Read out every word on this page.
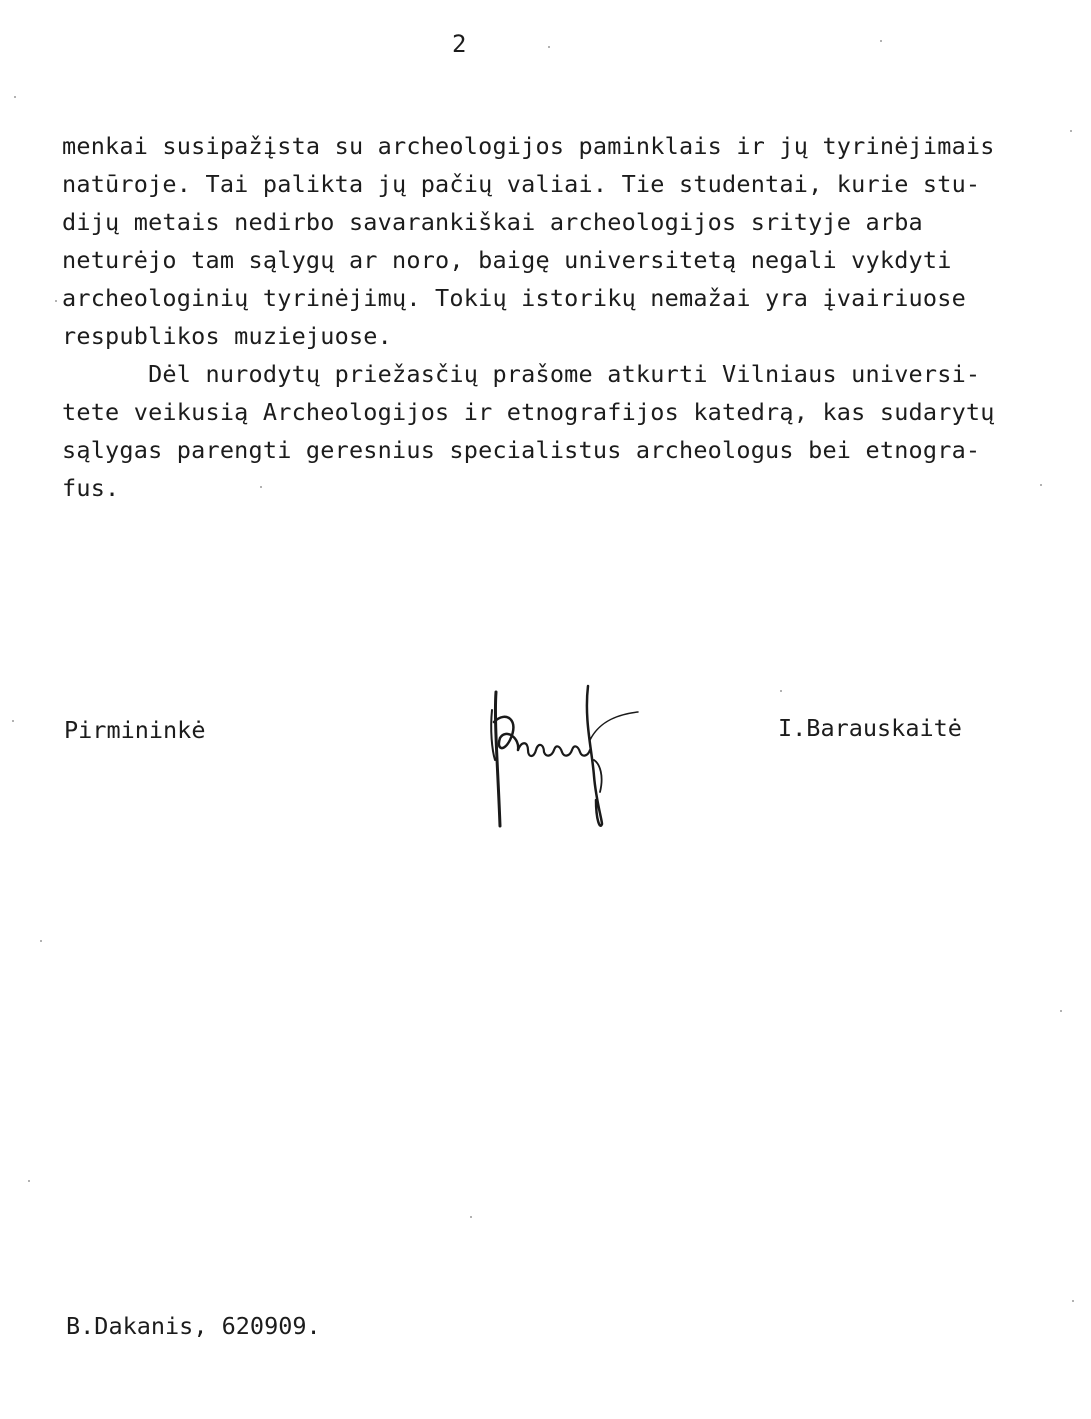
2
menkai susipažįsta su archeologijos paminklais ir jų tyrinėjimais
natūroje. Tai palikta jų pačių valiai. Tie studentai, kurie stu-
dijų metais nedirbo savarankiškai archeologijos srityje arba
neturėjo tam sąlygų ar noro, baigę universitetą negali vykdyti
archeologinių tyrinėjimų. Tokių istorikų nemažai yra įvairiuose
respublikos muziejuose.
Dėl nurodytų priežasčių prašome atkurti Vilniaus universi-
tete veikusią Archeologijos ir etnografijos katedrą, kas sudarytų
sąlygas parengti geresnius specialistus archeologus bei etnogra-
fus.
Pirmininkė	I.Barauskaitė
B.Dakanis, 620909.
